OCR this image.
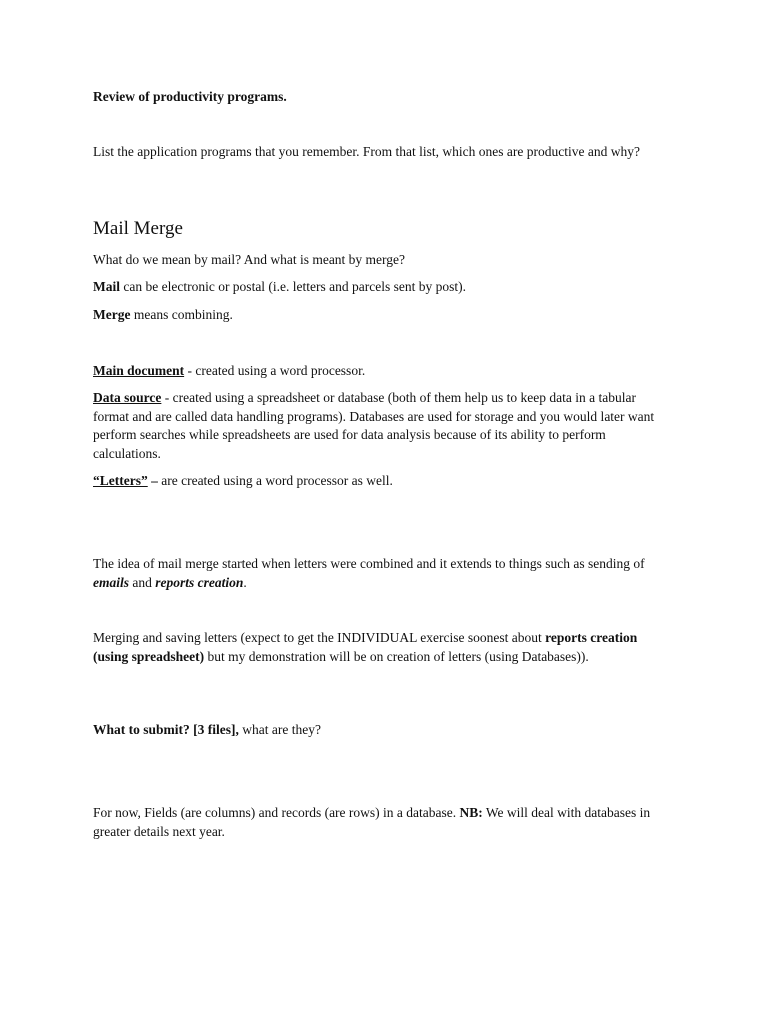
Review of productivity programs.

List the application programs that you remember. From that list, which ones are productive and why?

Mail Merge

What do we mean by mail? And what is meant by merge?

Mail can be electronic or postal (i.e. letters and parcels sent by post).

Merge means combining.

Main document - created using a word processor.

Data source - created using a spreadsheet or database (both of them help us to keep data in a tabular format and are called data handling programs). Databases are used for storage and you would later want perform searches while spreadsheets are used for data analysis because of its ability to perform calculations.

“Letters” – are created using a word processor as well.

The idea of mail merge started when letters were combined and it extends to things such as sending of emails and reports creation.

Merging and saving letters (expect to get the INDIVIDUAL exercise soonest about reports creation (using spreadsheet) but my demonstration will be on creation of letters (using Databases)).

What to submit? [3 files], what are they?

For now, Fields (are columns) and records (are rows) in a database. NB: We will deal with databases in greater details next year.
